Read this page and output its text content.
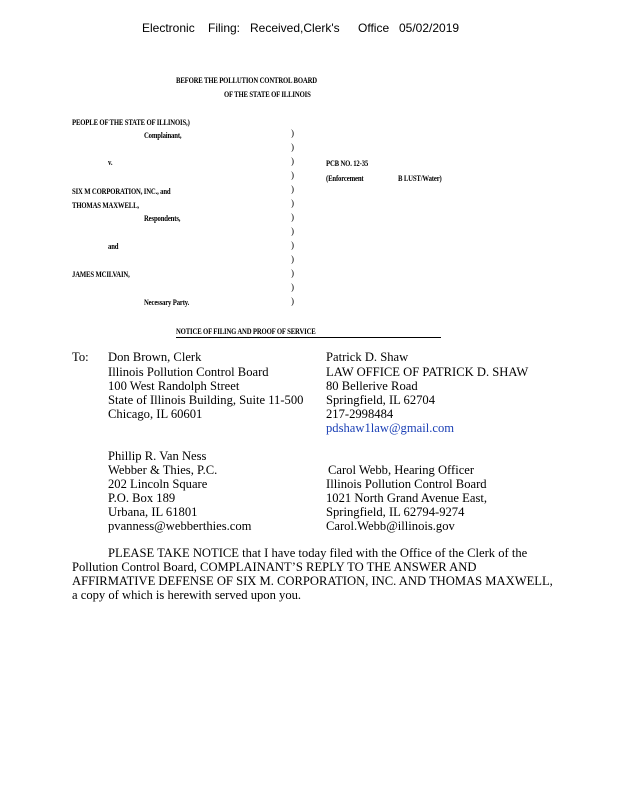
Electronic Filing: Received,Clerk's Office 05/02/2019
BEFORE THE POLLUTION CONTROL BOARD
OF THE STATE OF ILLINOIS
PEOPLE OF THE STATE OF ILLINOIS,)
Complainant,
v.
SIX M CORPORATION, INC., and
THOMAS MAXWELL,
Respondents,
and
JAMES MCILVAIN,
Necessary Party.
)
)
)
)
)
)
)
)
)
)
)
)
)
PCB NO. 12-35
(Enforcement	B LUST/Water)
NOTICE OF FILING AND PROOF OF SERVICE
To: Don Brown, Clerk
Illinois Pollution Control Board
100 West Randolph Street
State of Illinois Building, Suite 11-500
Chicago, IL 60601
Patrick D. Shaw
LAW OFFICE OF PATRICK D. SHAW
80 Bellerive Road
Springfield, IL 62704
217-2998484
pdshaw1law@gmail.com
Phillip R. Van Ness
Webber & Thies, P.C.
202 Lincoln Square
P.O. Box 189
Urbana, IL 61801
pvanness@webberthies.com
Carol Webb, Hearing Officer
Illinois Pollution Control Board
1021 North Grand Avenue East,
Springfield, IL 62794-9274
Carol.Webb@illinois.gov
PLEASE TAKE NOTICE that I have today filed with the Office of the Clerk of the
Pollution Control Board, COMPLAINANT’S REPLY TO THE ANSWER AND
AFFIRMATIVE DEFENSE OF SIX M. CORPORATION, INC. AND THOMAS MAXWELL,
a copy of which is herewith served upon you.
